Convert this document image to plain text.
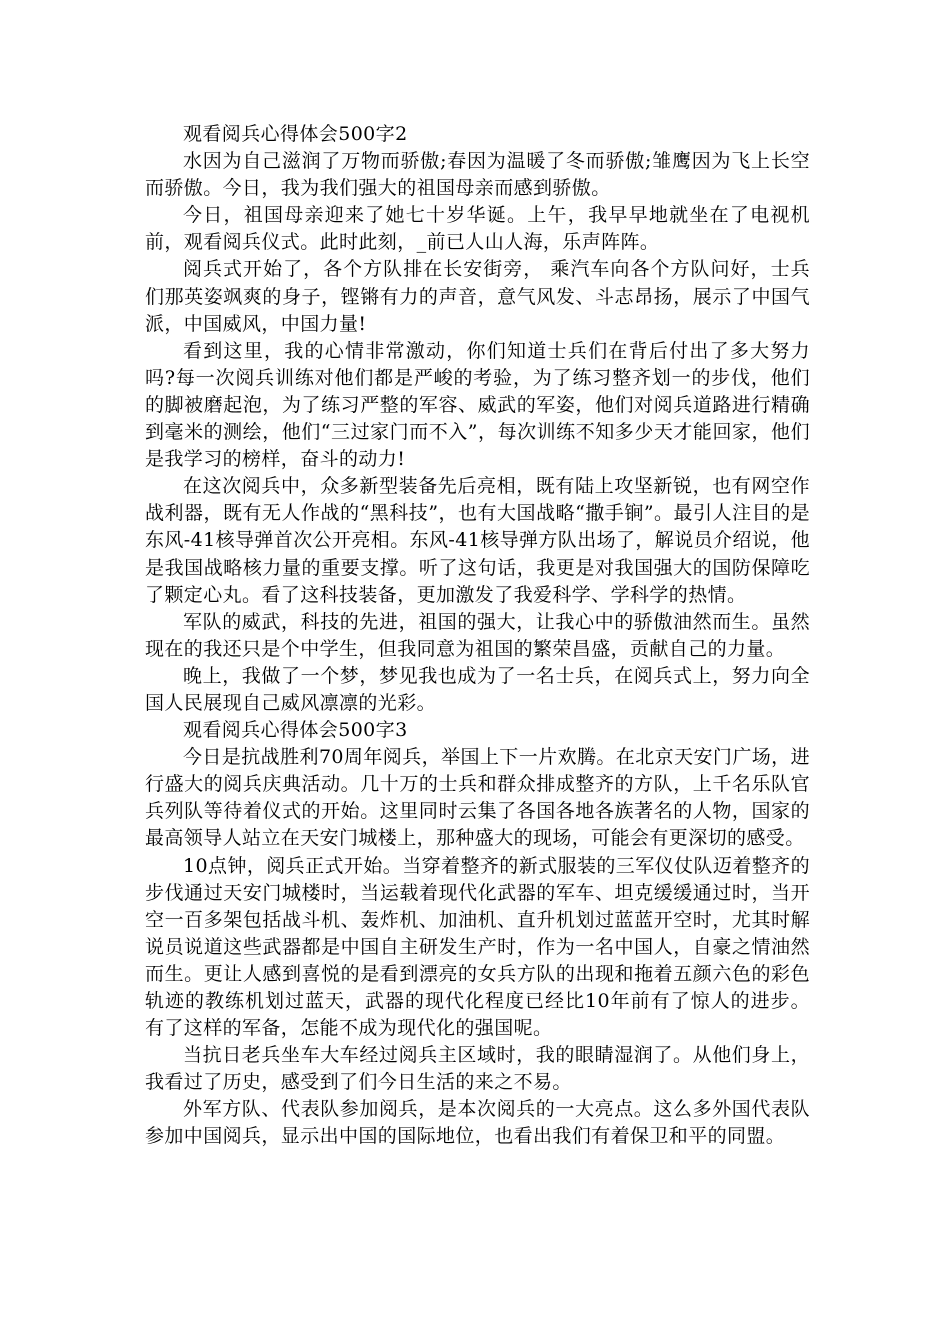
观看阅兵心得体会500字2

水因为自己滋润了万物而骄傲;春因为温暖了冬而骄傲;雏鹰因为飞上长空而骄傲。今日，我为我们强大的祖国母亲而感到骄傲。

今日，祖国母亲迎来了她七十岁华诞。上午，我早早地就坐在了电视机前，观看阅兵仪式。此时此刻，_前已人山人海，乐声阵阵。

阅兵式开始了，各个方队排在长安街旁， 乘汽车向各个方队问好，士兵们那英姿飒爽的身子，铿锵有力的声音，意气风发、斗志昂扬，展示了中国气派，中国威风，中国力量!

看到这里，我的心情非常激动，你们知道士兵们在背后付出了多大努力吗?每一次阅兵训练对他们都是严峻的考验，为了练习整齐划一的步伐，他们的脚被磨起泡，为了练习严整的军容、威武的军姿，他们对阅兵道路进行精确到毫米的测绘，他们“三过家门而不入”，每次训练不知多少天才能回家，他们是我学习的榜样，奋斗的动力!

在这次阅兵中，众多新型装备先后亮相，既有陆上攻坚新锐，也有网空作战利器，既有无人作战的“黑科技”，也有大国战略“撒手锏”。最引人注目的是东风-41核导弹首次公开亮相。东风-41核导弹方队出场了，解说员介绍说，他是我国战略核力量的重要支撑。听了这句话，我更是对我国强大的国防保障吃了颗定心丸。看了这科技装备，更加激发了我爱科学、学科学的热情。

军队的威武，科技的先进，祖国的强大，让我心中的骄傲油然而生。虽然现在的我还只是个中学生，但我同意为祖国的繁荣昌盛，贡献自己的力量。

晚上，我做了一个梦，梦见我也成为了一名士兵，在阅兵式上，努力向全国人民展现自己威风凛凛的光彩。

观看阅兵心得体会500字3

今日是抗战胜利70周年阅兵，举国上下一片欢腾。在北京天安门广场，进行盛大的阅兵庆典活动。几十万的士兵和群众排成整齐的方队，上千名乐队官兵列队等待着仪式的开始。这里同时云集了各国各地各族著名的人物，国家的最高领导人站立在天安门城楼上，那种盛大的现场，可能会有更深切的感受。

10点钟，阅兵正式开始。当穿着整齐的新式服装的三军仪仗队迈着整齐的步伐通过天安门城楼时，当运载着现代化武器的军车、坦克缓缓通过时，当开空一百多架包括战斗机、轰炸机、加油机、直升机划过蓝蓝开空时，尤其时解说员说道这些武器都是中国自主研发生产时，作为一名中国人，自豪之情油然而生。更让人感到喜悦的是看到漂亮的女兵方队的出现和拖着五颜六色的彩色轨迹的教练机划过蓝天，武器的现代化程度已经比10年前有了惊人的进步。有了这样的军备，怎能不成为现代化的强国呢。

当抗日老兵坐车大车经过阅兵主区域时，我的眼睛湿润了。从他们身上，我看过了历史，感受到了们今日生活的来之不易。

外军方队、代表队参加阅兵，是本次阅兵的一大亮点。这么多外国代表队参加中国阅兵，显示出中国的国际地位，也看出我们有着保卫和平的同盟。
